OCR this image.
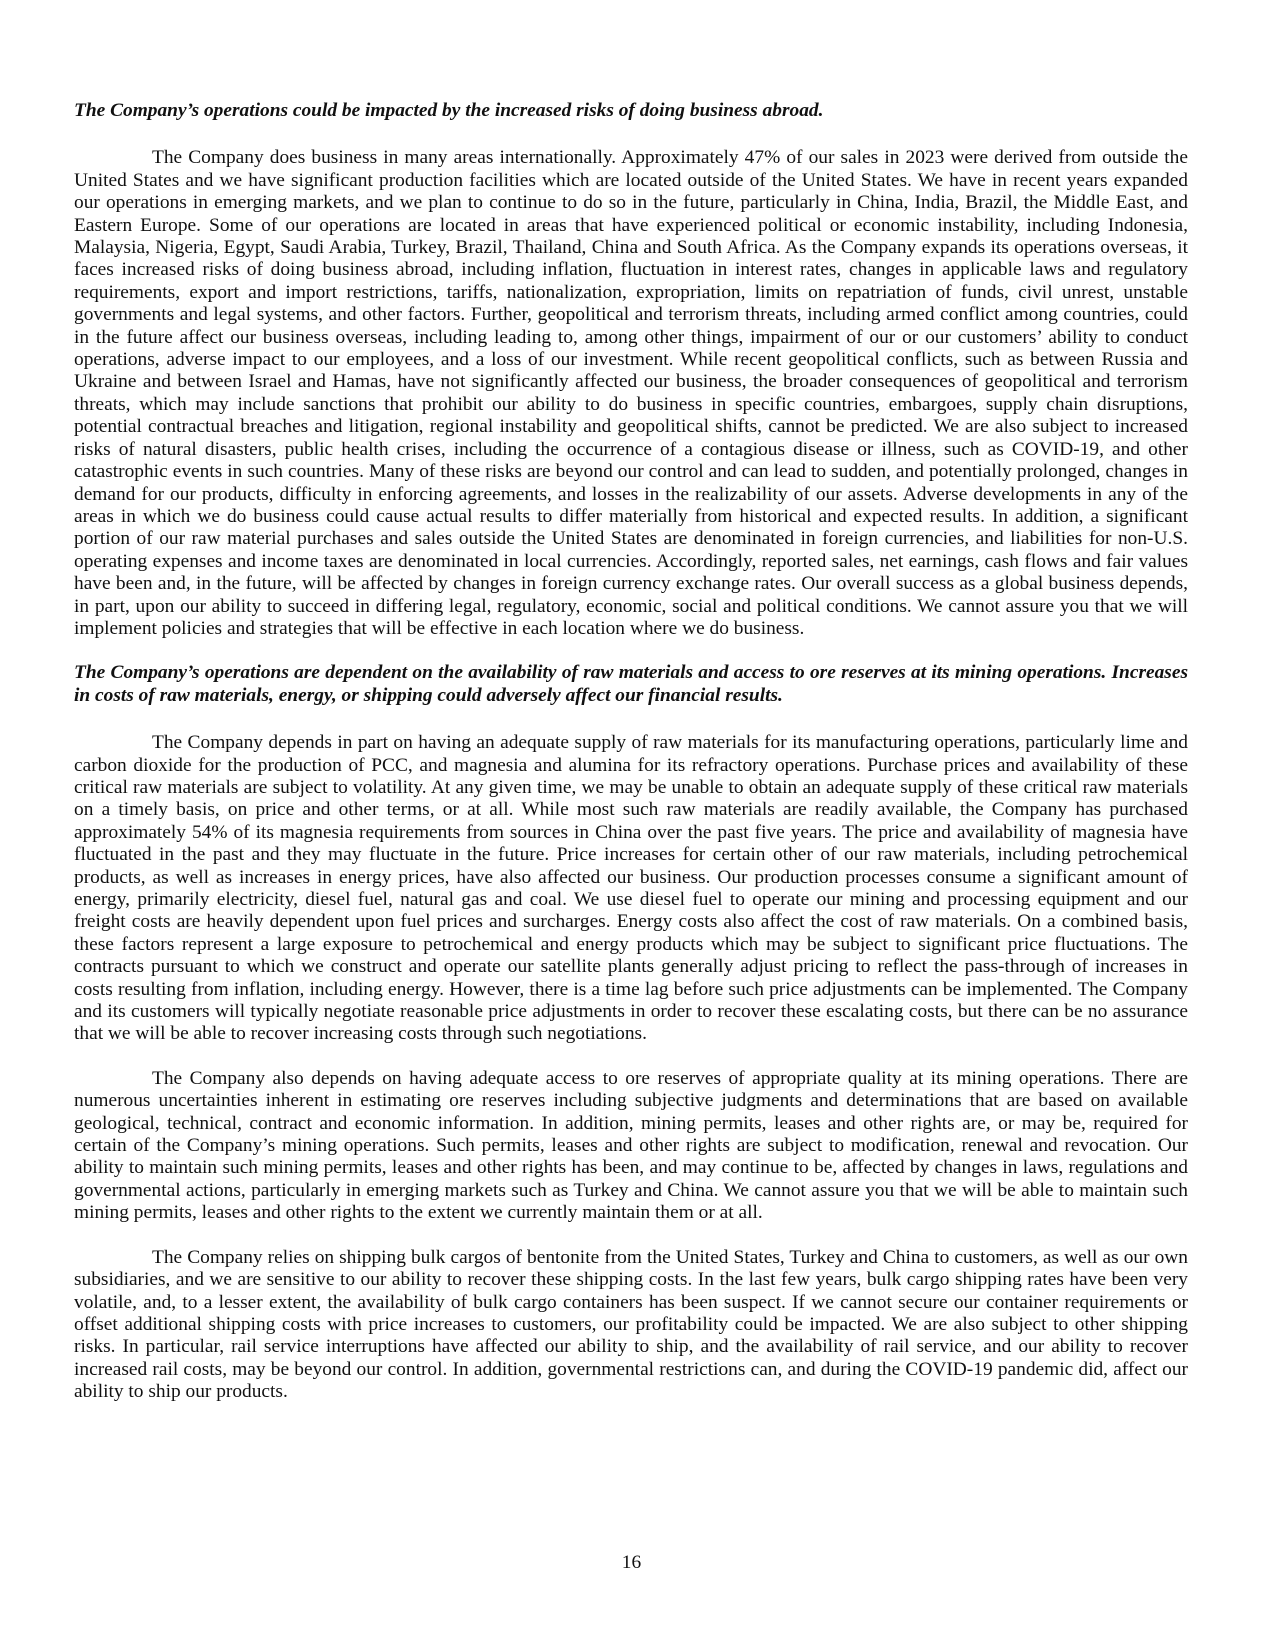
The Company’s operations could be impacted by the increased risks of doing business abroad.

The Company does business in many areas internationally. Approximately 47% of our sales in 2023 were derived from outside the United States and we have significant production facilities which are located outside of the United States. We have in recent years expanded our operations in emerging markets, and we plan to continue to do so in the future, particularly in China, India, Brazil, the Middle East, and Eastern Europe. Some of our operations are located in areas that have experienced political or economic instability, including Indonesia, Malaysia, Nigeria, Egypt, Saudi Arabia, Turkey, Brazil, Thailand, China and South Africa. As the Company expands its operations overseas, it faces increased risks of doing business abroad, including inflation, fluctuation in interest rates, changes in applicable laws and regulatory requirements, export and import restrictions, tariffs, nationalization, expropriation, limits on repatriation of funds, civil unrest, unstable governments and legal systems, and other factors. Further, geopolitical and terrorism threats, including armed conflict among countries, could in the future affect our business overseas, including leading to, among other things, impairment of our or our customers’ ability to conduct operations, adverse impact to our employees, and a loss of our investment. While recent geopolitical conflicts, such as between Russia and Ukraine and between Israel and Hamas, have not significantly affected our business, the broader consequences of geopolitical and terrorism threats, which may include sanctions that prohibit our ability to do business in specific countries, embargoes, supply chain disruptions, potential contractual breaches and litigation, regional instability and geopolitical shifts, cannot be predicted. We are also subject to increased risks of natural disasters, public health crises, including the occurrence of a contagious disease or illness, such as COVID-19, and other catastrophic events in such countries. Many of these risks are beyond our control and can lead to sudden, and potentially prolonged, changes in demand for our products, difficulty in enforcing agreements, and losses in the realizability of our assets. Adverse developments in any of the areas in which we do business could cause actual results to differ materially from historical and expected results. In addition, a significant portion of our raw material purchases and sales outside the United States are denominated in foreign currencies, and liabilities for non-U.S. operating expenses and income taxes are denominated in local currencies. Accordingly, reported sales, net earnings, cash flows and fair values have been and, in the future, will be affected by changes in foreign currency exchange rates. Our overall success as a global business depends, in part, upon our ability to succeed in differing legal, regulatory, economic, social and political conditions. We cannot assure you that we will implement policies and strategies that will be effective in each location where we do business.

The Company’s operations are dependent on the availability of raw materials and access to ore reserves at its mining operations. Increases in costs of raw materials, energy, or shipping could adversely affect our financial results.

The Company depends in part on having an adequate supply of raw materials for its manufacturing operations, particularly lime and carbon dioxide for the production of PCC, and magnesia and alumina for its refractory operations. Purchase prices and availability of these critical raw materials are subject to volatility. At any given time, we may be unable to obtain an adequate supply of these critical raw materials on a timely basis, on price and other terms, or at all. While most such raw materials are readily available, the Company has purchased approximately 54% of its magnesia requirements from sources in China over the past five years. The price and availability of magnesia have fluctuated in the past and they may fluctuate in the future. Price increases for certain other of our raw materials, including petrochemical products, as well as increases in energy prices, have also affected our business. Our production processes consume a significant amount of energy, primarily electricity, diesel fuel, natural gas and coal. We use diesel fuel to operate our mining and processing equipment and our freight costs are heavily dependent upon fuel prices and surcharges. Energy costs also affect the cost of raw materials. On a combined basis, these factors represent a large exposure to petrochemical and energy products which may be subject to significant price fluctuations. The contracts pursuant to which we construct and operate our satellite plants generally adjust pricing to reflect the pass-through of increases in costs resulting from inflation, including energy. However, there is a time lag before such price adjustments can be implemented. The Company and its customers will typically negotiate reasonable price adjustments in order to recover these escalating costs, but there can be no assurance that we will be able to recover increasing costs through such negotiations.

The Company also depends on having adequate access to ore reserves of appropriate quality at its mining operations. There are numerous uncertainties inherent in estimating ore reserves including subjective judgments and determinations that are based on available geological, technical, contract and economic information. In addition, mining permits, leases and other rights are, or may be, required for certain of the Company’s mining operations. Such permits, leases and other rights are subject to modification, renewal and revocation. Our ability to maintain such mining permits, leases and other rights has been, and may continue to be, affected by changes in laws, regulations and governmental actions, particularly in emerging markets such as Turkey and China. We cannot assure you that we will be able to maintain such mining permits, leases and other rights to the extent we currently maintain them or at all.

The Company relies on shipping bulk cargos of bentonite from the United States, Turkey and China to customers, as well as our own subsidiaries, and we are sensitive to our ability to recover these shipping costs. In the last few years, bulk cargo shipping rates have been very volatile, and, to a lesser extent, the availability of bulk cargo containers has been suspect. If we cannot secure our container requirements or offset additional shipping costs with price increases to customers, our profitability could be impacted. We are also subject to other shipping risks. In particular, rail service interruptions have affected our ability to ship, and the availability of rail service, and our ability to recover increased rail costs, may be beyond our control. In addition, governmental restrictions can, and during the COVID-19 pandemic did, affect our ability to ship our products.

16
